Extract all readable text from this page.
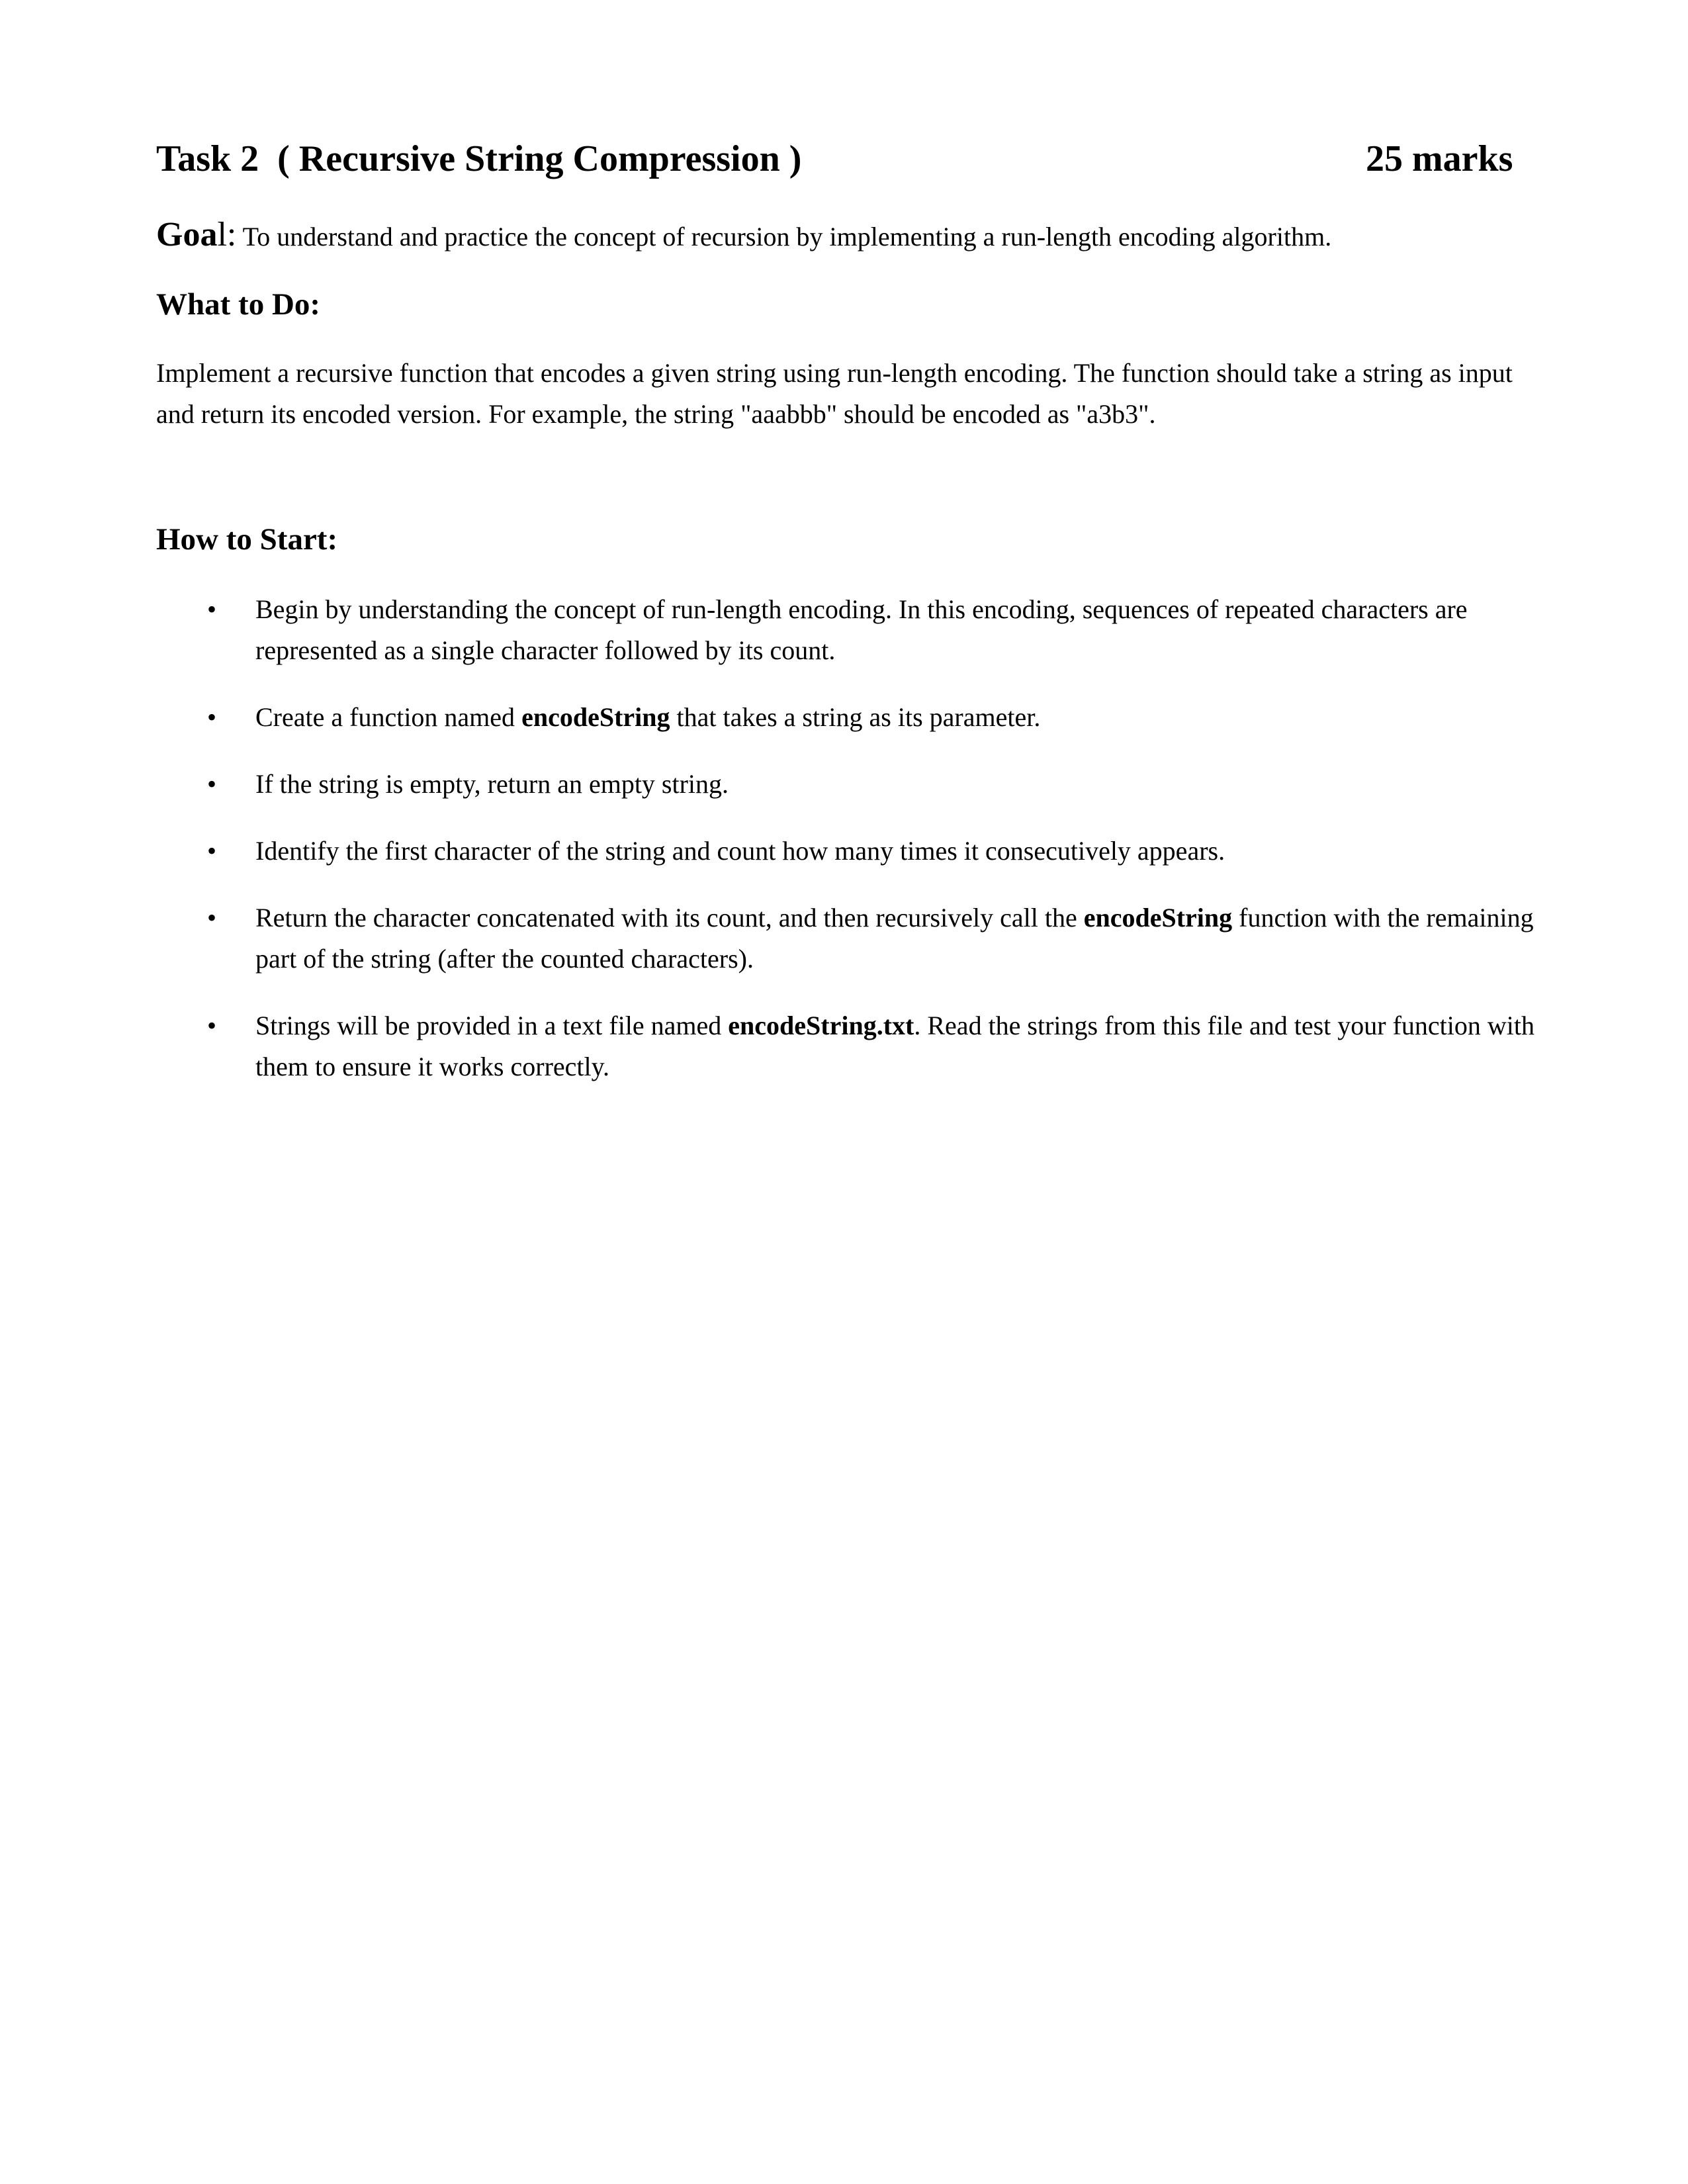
Task 2  ( Recursive String Compression )	25 marks
Goal: To understand and practice the concept of recursion by implementing a run-length encoding algorithm.
What to Do:
Implement a recursive function that encodes a given string using run-length encoding. The function should take a string as input and return its encoded version. For example, the string "aaabbb" should be encoded as "a3b3".
How to Start:
• Begin by understanding the concept of run-length encoding. In this encoding, sequences of repeated characters are represented as a single character followed by its count.
• Create a function named encodeString that takes a string as its parameter.
• If the string is empty, return an empty string.
• Identify the first character of the string and count how many times it consecutively appears.
• Return the character concatenated with its count, and then recursively call the encodeString function with the remaining part of the string (after the counted characters).
• Strings will be provided in a text file named encodeString.txt. Read the strings from this file and test your function with them to ensure it works correctly.
